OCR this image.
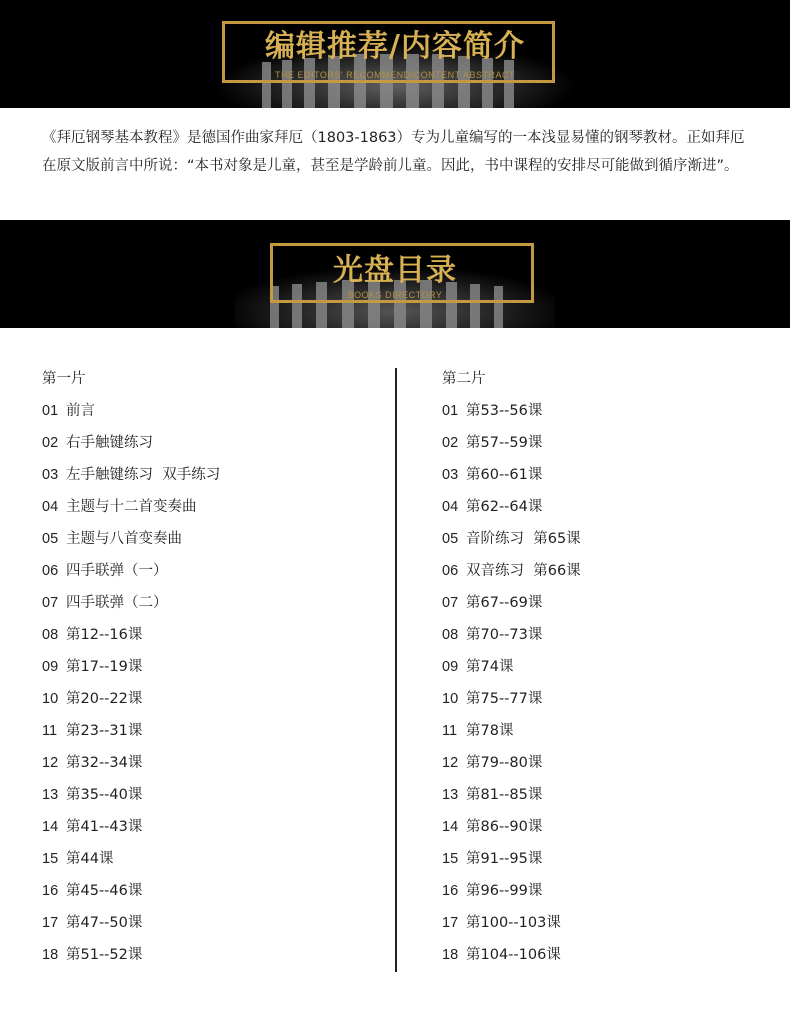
编辑推荐/内容简介
THE EDITORS' RECOMMEND/CONTENT ABSTRACT
《拜厄钢琴基本教程》是德国作曲家拜厄（1803-1863）专为儿童编写的一本浅显易懂的钢琴教材。正如拜厄在原文版前言中所说：“本书对象是儿童，甚至是学龄前儿童。因此，书中课程的安排尽可能做到循序渐进”。
光盘目录
BOOKS DIRECTORY
第一片
01 前言
02 右手触键练习
03 左手触键练习  双手练习
04 主题与十二首变奏曲
05 主题与八首变奏曲
06 四手联弹（一）
07 四手联弹（二）
08 第12--16课
09 第17--19课
10 第20--22课
11 第23--31课
12 第32--34课
13 第35--40课
14 第41--43课
15 第44课
16 第45--46课
17 第47--50课
18 第51--52课
第二片
01 第53--56课
02 第57--59课
03 第60--61课
04 第62--64课
05 音阶练习  第65课
06 双音练习  第66课
07 第67--69课
08 第70--73课
09 第74课
10 第75--77课
11 第78课
12 第79--80课
13 第81--85课
14 第86--90课
15 第91--95课
16 第96--99课
17 第100--103课
18 第104--106课
